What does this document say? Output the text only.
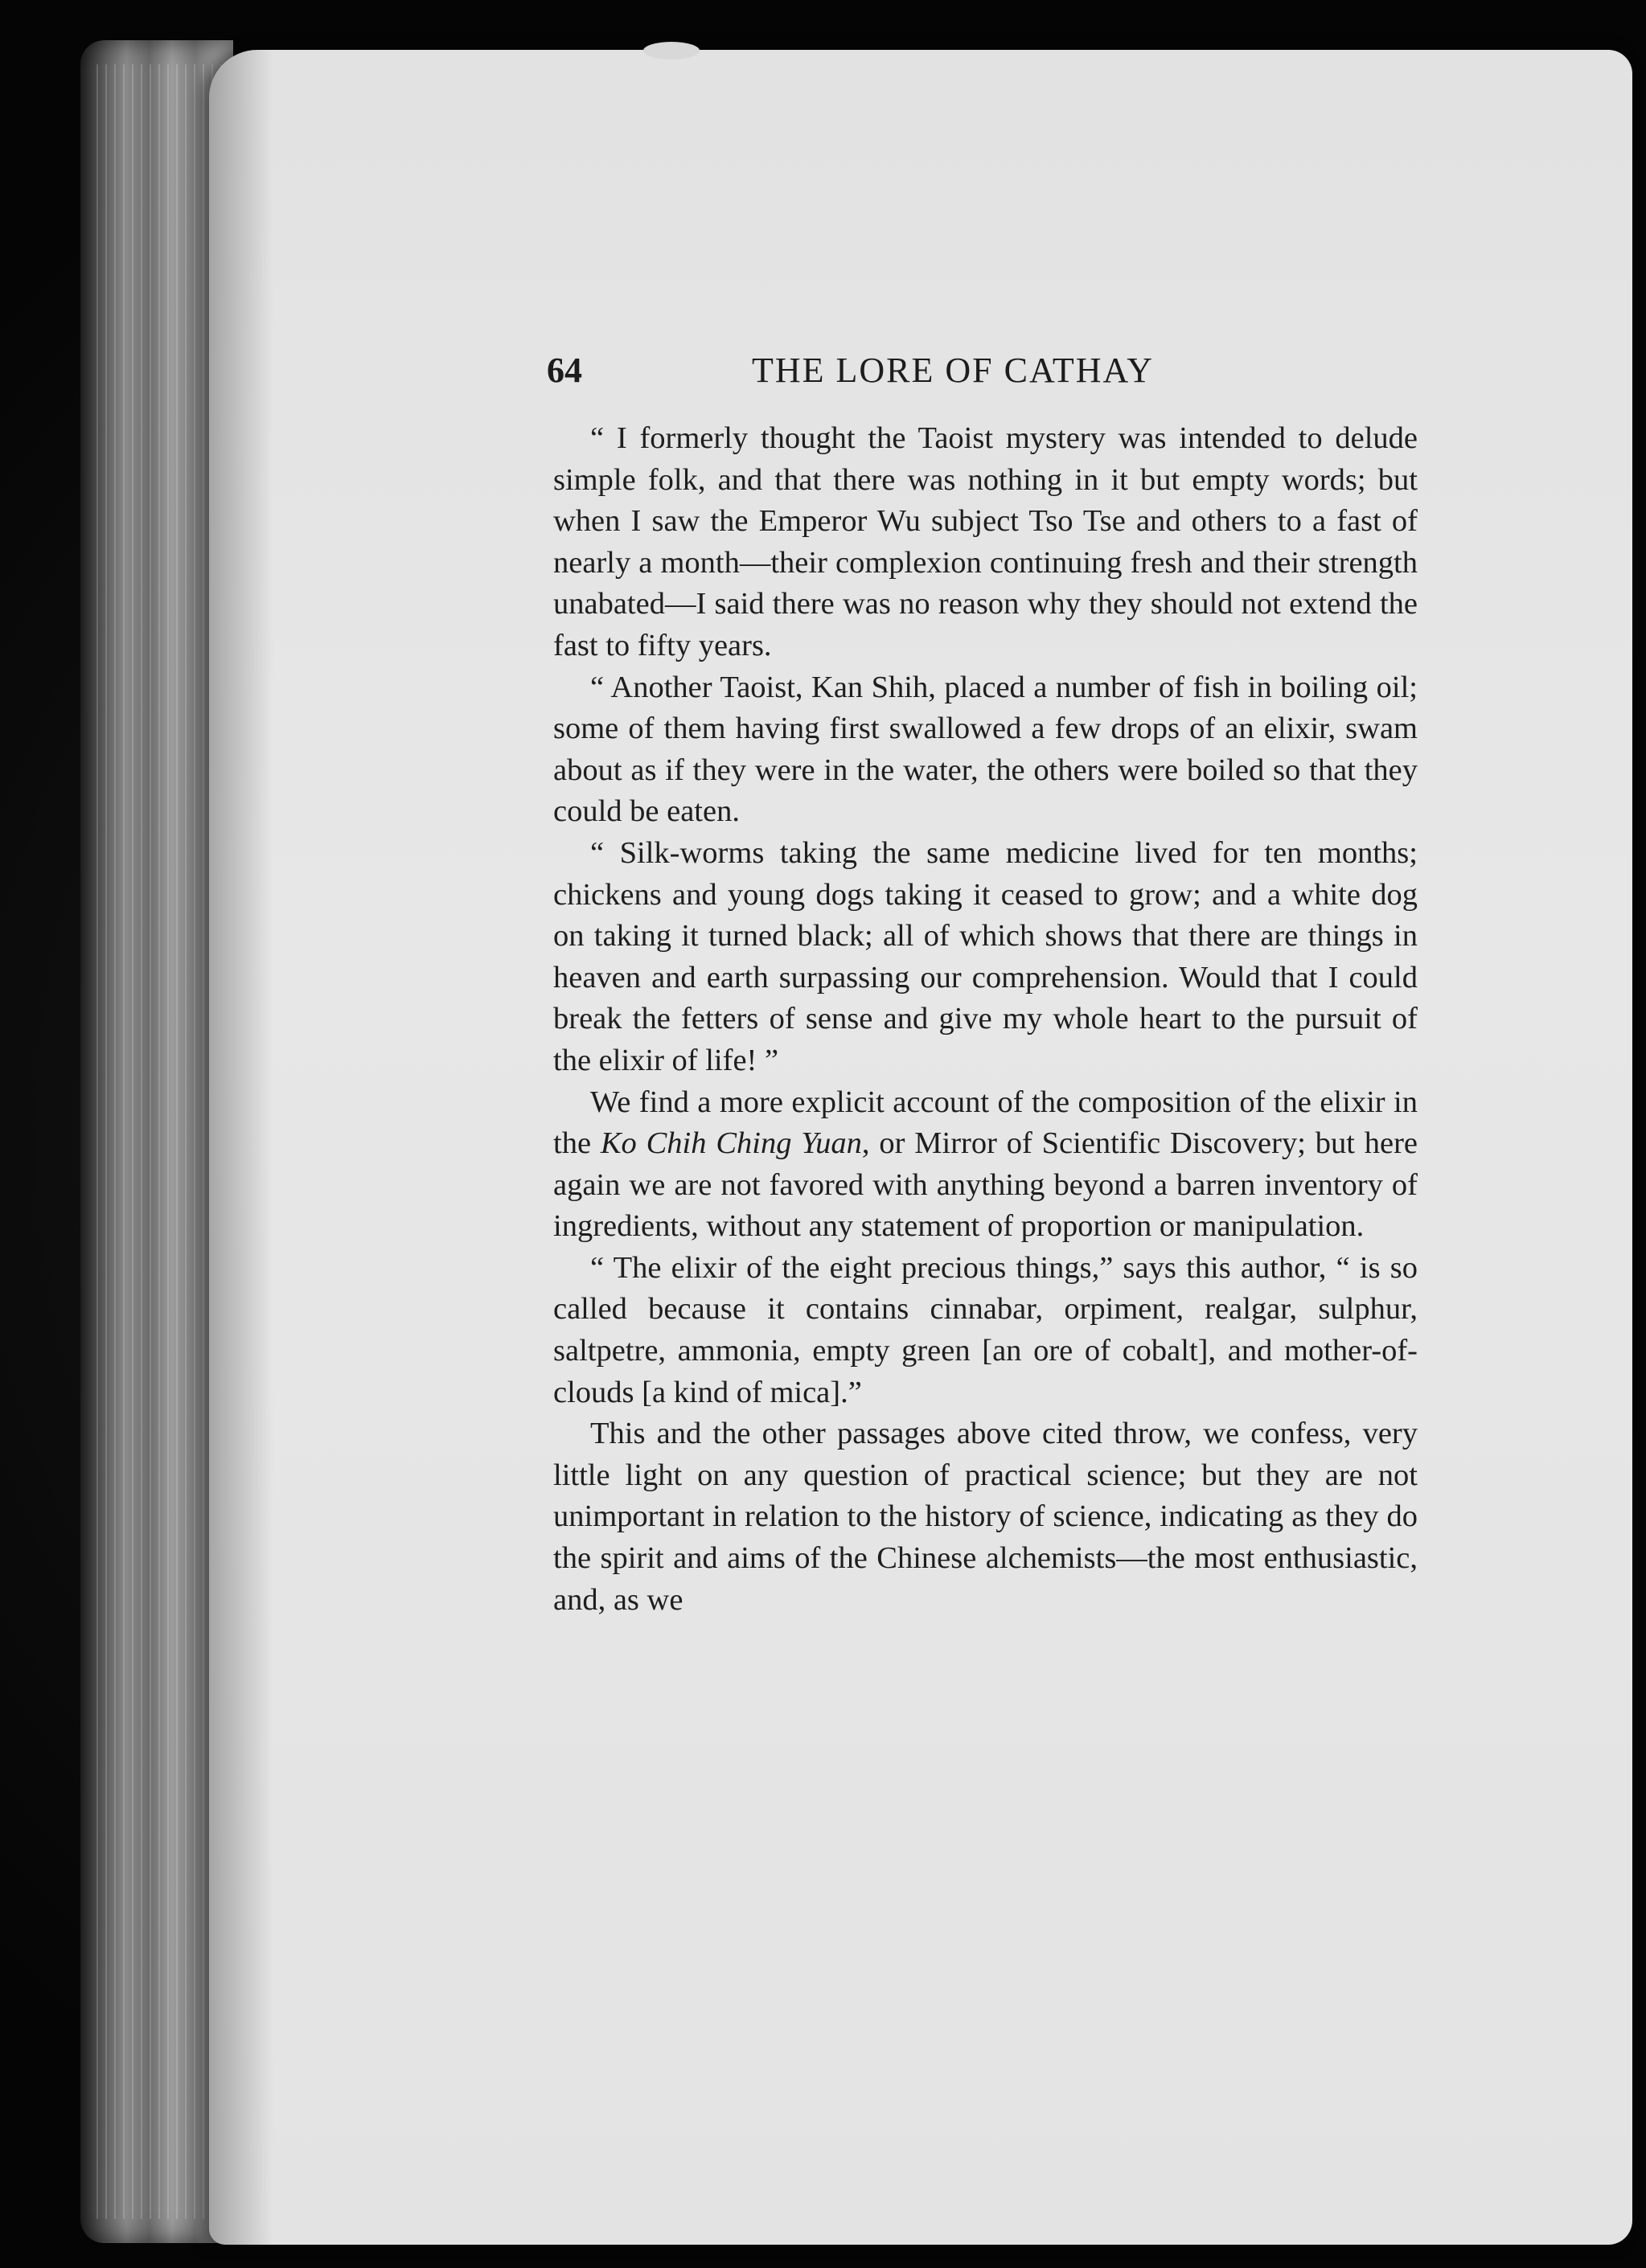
64	THE LORE OF CATHAY

“ I formerly thought the Taoist mystery was intended to delude simple folk, and that there was nothing in it but empty words; but when I saw the Emperor Wu subject Tso Tse and others to a fast of nearly a month—their complexion continuing fresh and their strength unabated—I said there was no reason why they should not extend the fast to fifty years.

“ Another Taoist, Kan Shih, placed a number of fish in boiling oil; some of them having first swallowed a few drops of an elixir, swam about as if they were in the water, the others were boiled so that they could be eaten.

“ Silk-worms taking the same medicine lived for ten months; chickens and young dogs taking it ceased to grow; and a white dog on taking it turned black; all of which shows that there are things in heaven and earth surpassing our comprehension. Would that I could break the fetters of sense and give my whole heart to the pursuit of the elixir of life! ”

We find a more explicit account of the composition of the elixir in the Ko Chih Ching Yuan, or Mirror of Scientific Discovery; but here again we are not favored with anything beyond a barren inventory of ingredients, without any statement of proportion or manipulation.

“ The elixir of the eight precious things,” says this author, “ is so called because it contains cinnabar, orpiment, realgar, sulphur, saltpetre, ammonia, empty green [an ore of cobalt], and mother-of-clouds [a kind of mica].”

This and the other passages above cited throw, we confess, very little light on any question of practical science; but they are not unimportant in relation to the history of science, indicating as they do the spirit and aims of the Chinese alchemists—the most enthusiastic, and, as we
